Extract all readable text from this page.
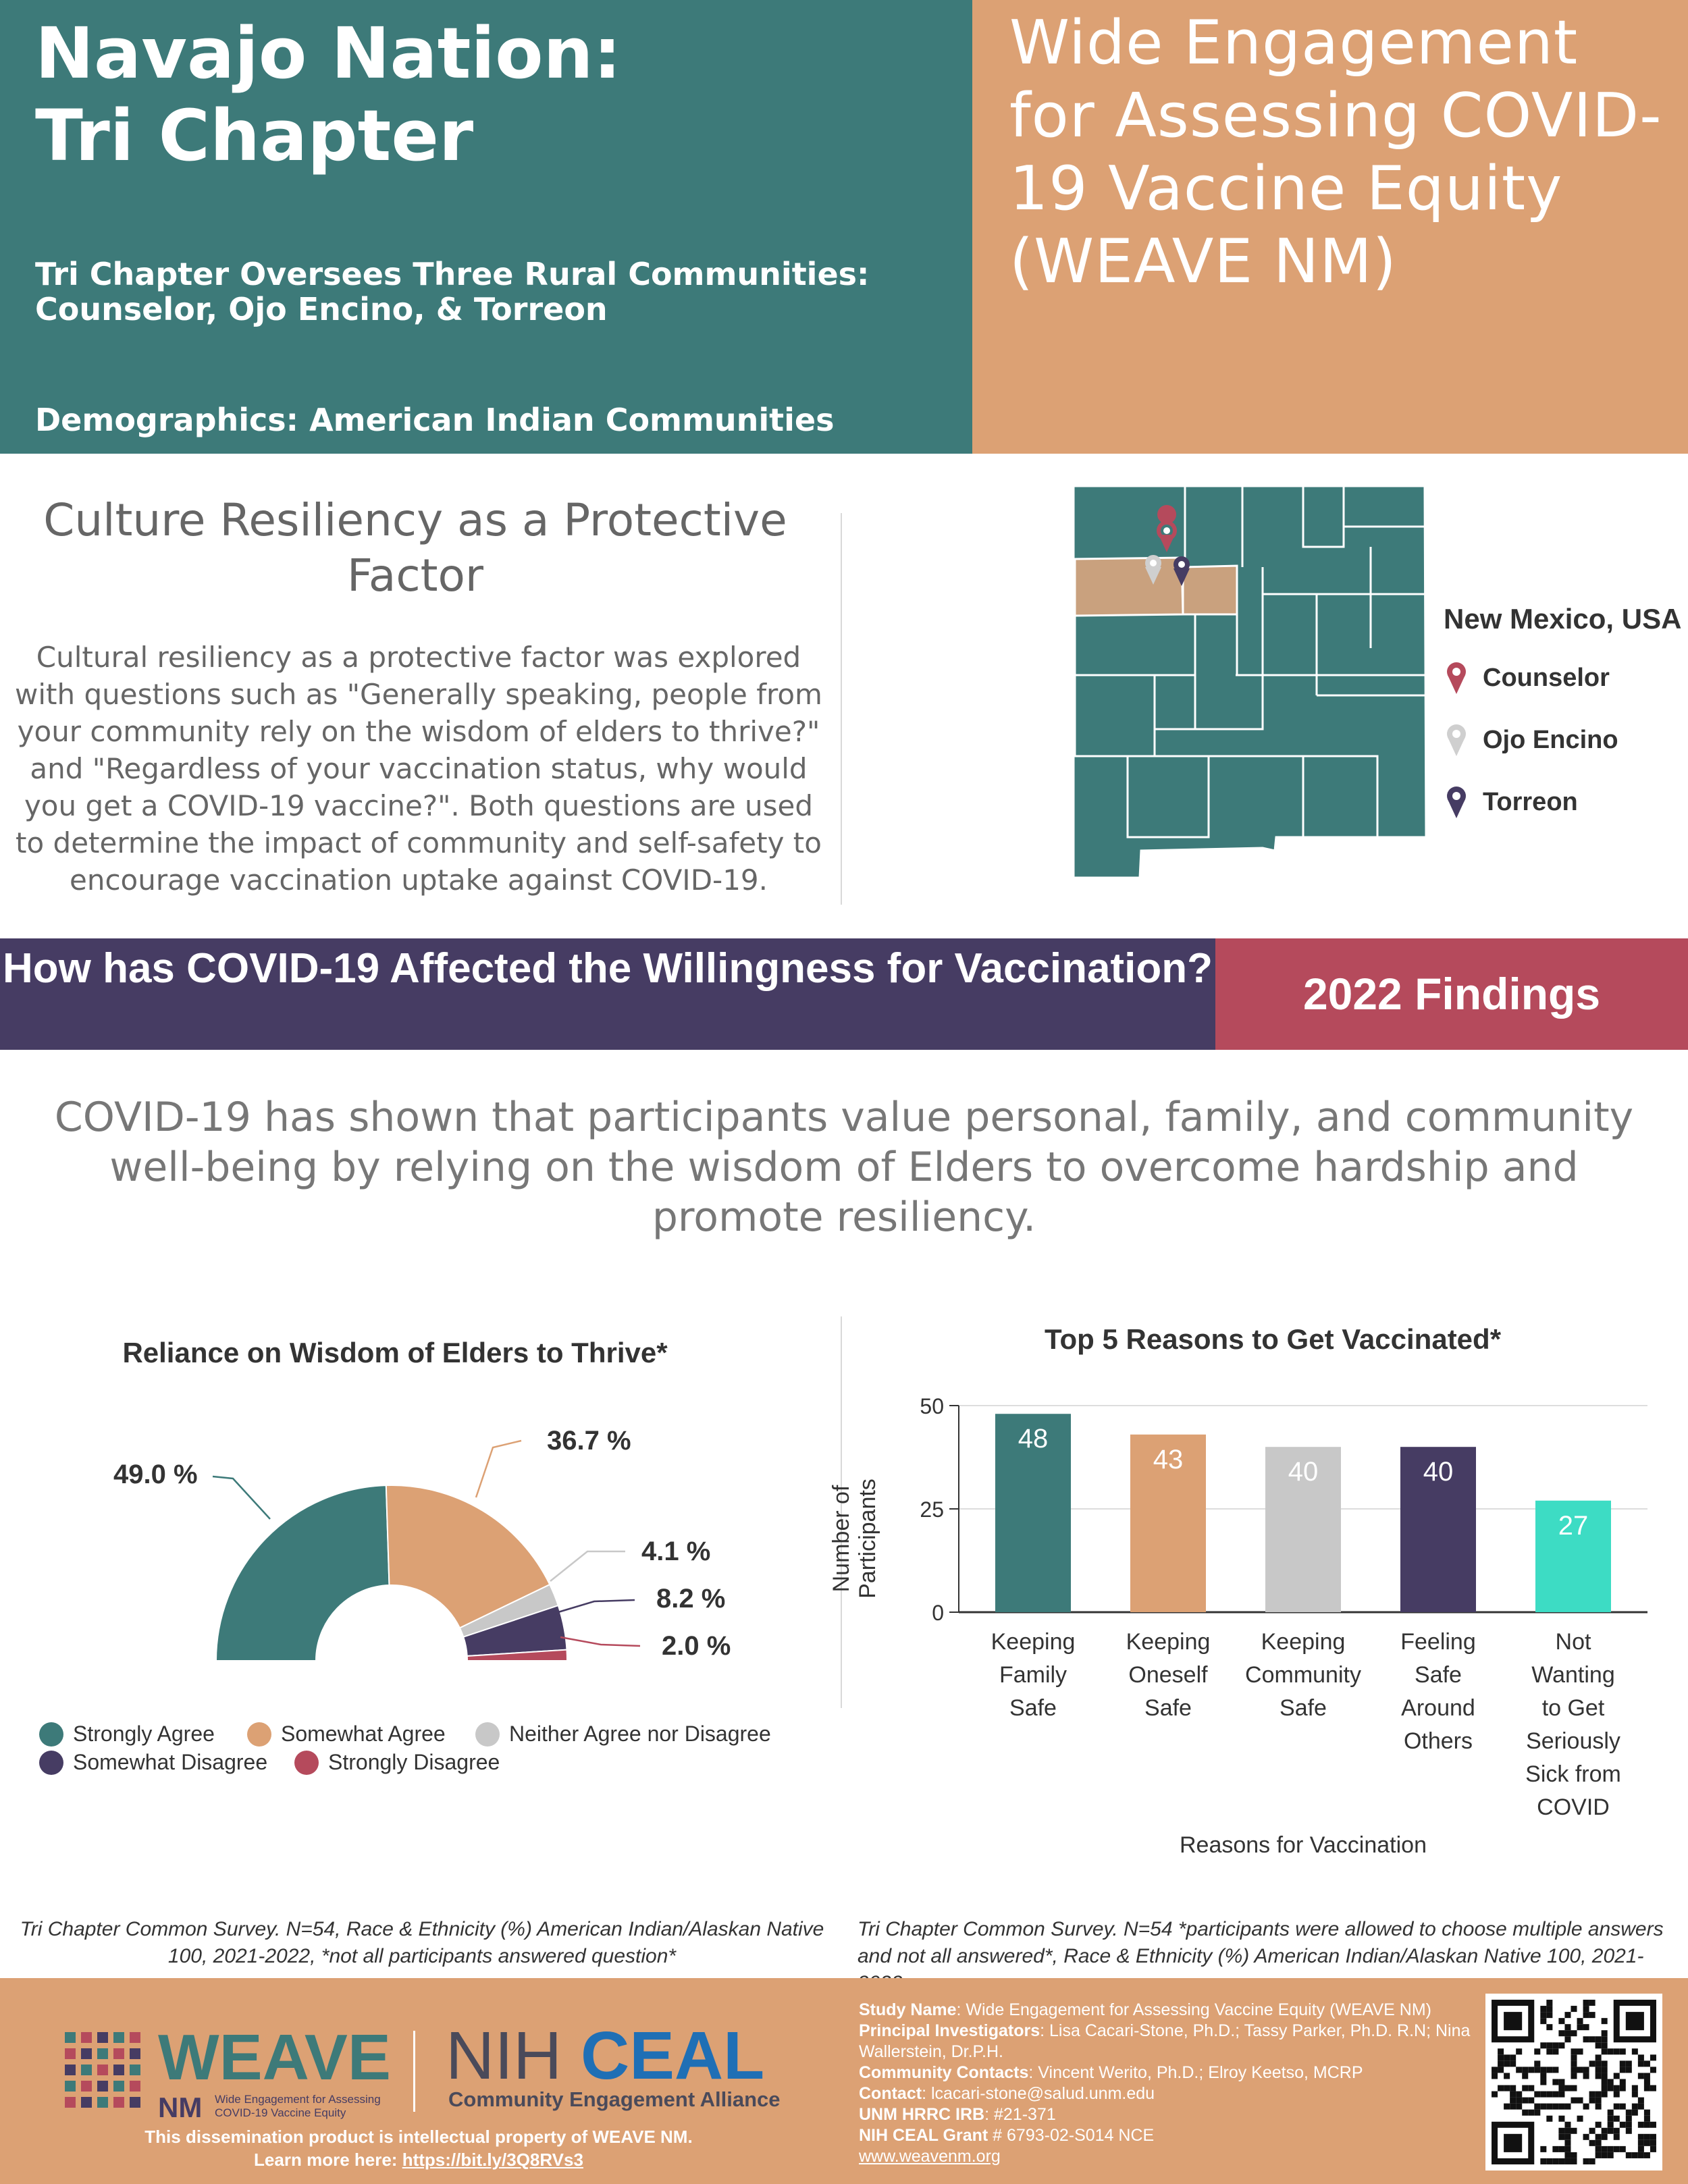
Navajo Nation:
Tri Chapter
Tri Chapter Oversees Three Rural Communities: Counselor, Ojo Encino, & Torreon
Demographics: American Indian Communities
Wide Engagement for Assessing COVID-19 Vaccine Equity (WEAVE NM)
Culture Resiliency as a Protective Factor
Cultural resiliency as a protective factor was explored with questions such as "Generally speaking, people from your community rely on the wisdom of elders to thrive?" and "Regardless of your vaccination status, why would you get a COVID-19 vaccine?". Both questions are used to determine the impact of community and self-safety to encourage vaccination uptake against COVID-19.
New Mexico, USA
Counselor
Ojo Encino
Torreon
How has COVID-19 Affected the Willingness for Vaccination?
2022 Findings
COVID-19 has shown that participants value personal, family, and community well-being by relying on the wisdom of Elders to overcome hardship and promote resiliency.
Reliance on Wisdom of Elders to Thrive*
49.0 %
36.7 %
4.1 %
8.2 %
2.0 %
Strongly Agree	Somewhat Agree	Neither Agree nor Disagree
Somewhat Disagree	Strongly Disagree
Top 5 Reasons to Get Vaccinated*
Number of Participants
0
25
50
48
43	40	40
27
Keeping
Family
Safe
Keeping
Oneself
Safe
Keeping
Community
Safe
Feeling
Safe
Around
Others
Not
Wanting
to Get
Seriously
Sick from
COVID
Reasons for Vaccination
Tri Chapter Common Survey. N=54, Race & Ethnicity (%) American Indian/Alaskan Native 100, 2021-2022, *not all participants answered question*
Tri Chapter Common Survey. N=54 *participants were allowed to choose multiple answers and not all answered*, Race & Ethnicity (%) American Indian/Alaskan Native 100, 2021-
WEAVE
NM Wide Engagement for Assessing COVID-19 Vaccine Equity
NIH CEAL
Community Engagement Alliance
This dissemination product is intellectual property of WEAVE NM.
Learn more here: https://bit.ly/3Q8RVs3
Study Name: Wide Engagement for Assessing Vaccine Equity (WEAVE NM)
Principal Investigators: Lisa Cacari-Stone, Ph.D.; Tassy Parker, Ph.D. R.N; Nina Wallerstein, Dr.P.H.
Community Contacts: Vincent Werito, Ph.D.; Elroy Keetso, MCRP
Contact: lcacari-stone@salud.unm.edu
UNM HRRC IRB: #21-371
NIH CEAL Grant # 6793-02-S014 NCE
www.weavenm.org
